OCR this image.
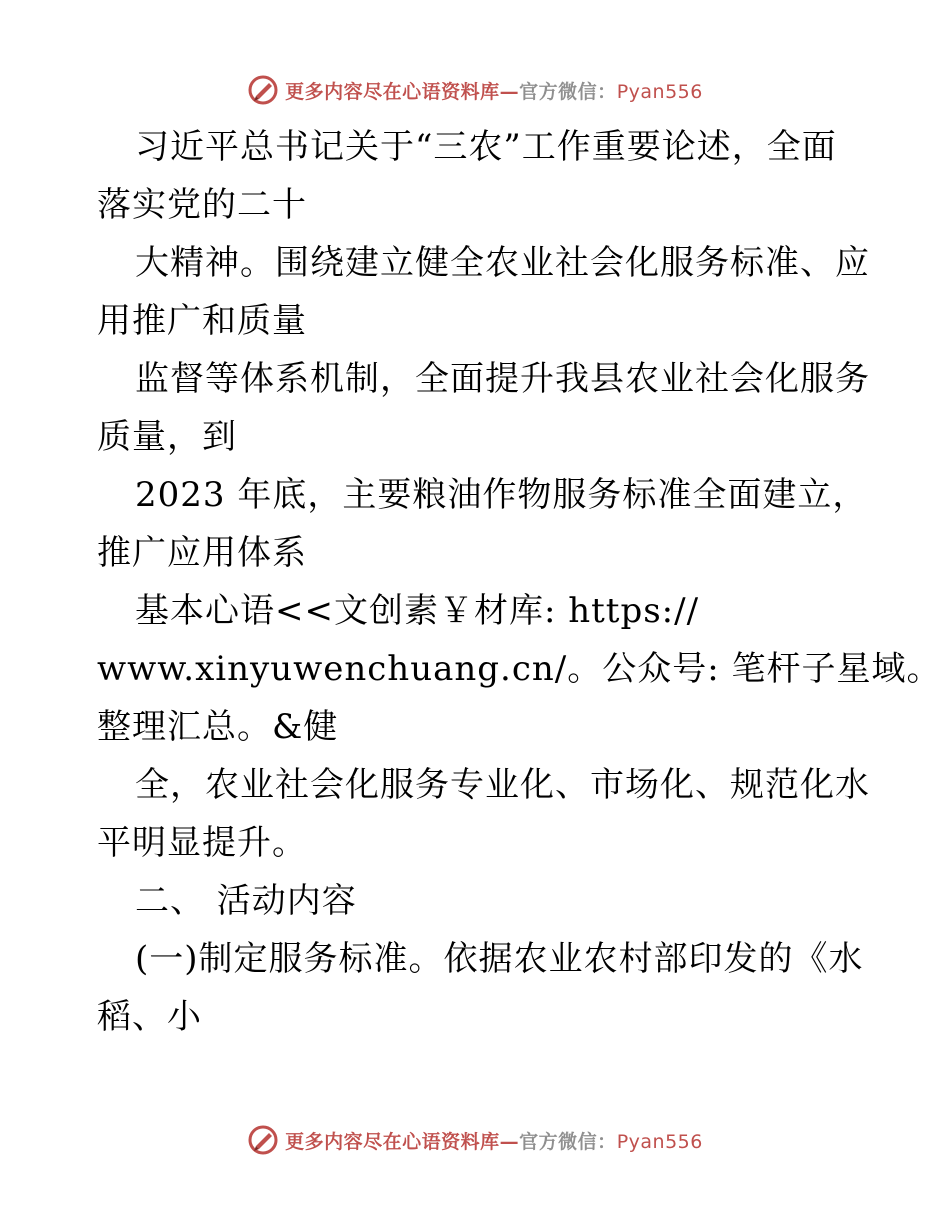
更多内容尽在心语资料库—官方微信：Pyan556
习近平总书记关于“三农”工作重要论述，全面
落实党的二十
大精神。围绕建立健全农业社会化服务标准、应
用推广和质量
监督等体系机制，全面提升我县农业社会化服务
质量，到
2023 年底，主要粮油作物服务标准全面建立，
推广应用体系
基本心语<<文创素￥材库: https://
www.xinyuwenchuang.cn/。公众号: 笔杆子星域。
整理汇总。&健
全，农业社会化服务专业化、市场化、规范化水
平明显提升。
二、 活动内容
(一)制定服务标准。依据农业农村部印发的《水
稻、小
更多内容尽在心语资料库—官方微信：Pyan556
